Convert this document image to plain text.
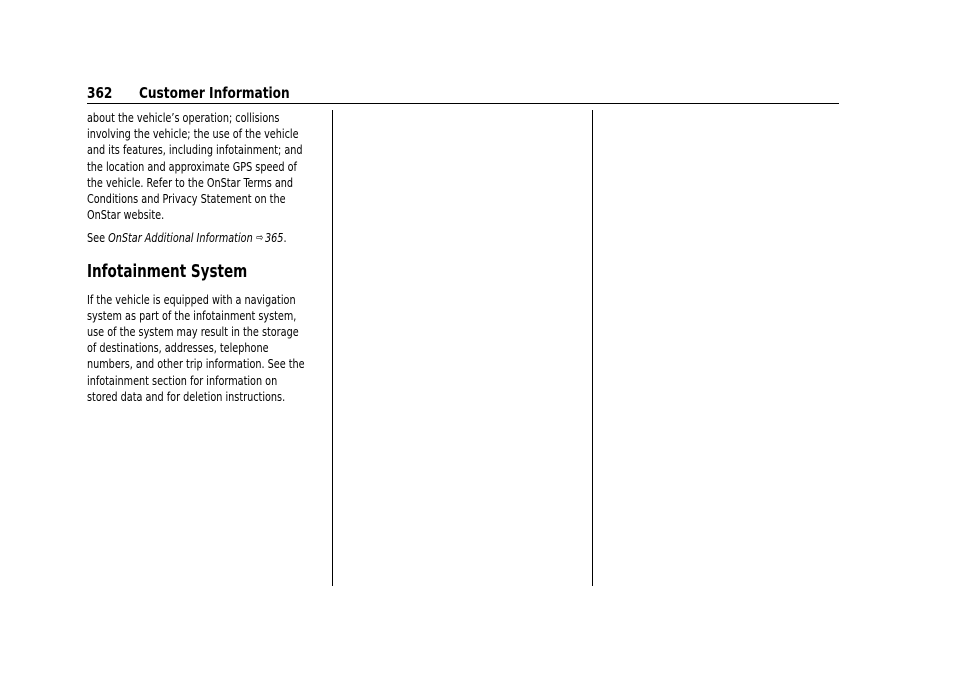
362 Customer Information

about the vehicle’s operation; collisions
involving the vehicle; the use of the vehicle
and its features, including infotainment; and
the location and approximate GPS speed of
the vehicle. Refer to the OnStar Terms and
Conditions and Privacy Statement on the
OnStar website.

See OnStar Additional Information ⇨ 365.

Infotainment System

If the vehicle is equipped with a navigation
system as part of the infotainment system,
use of the system may result in the storage
of destinations, addresses, telephone
numbers, and other trip information. See the
infotainment section for information on
stored data and for deletion instructions.
